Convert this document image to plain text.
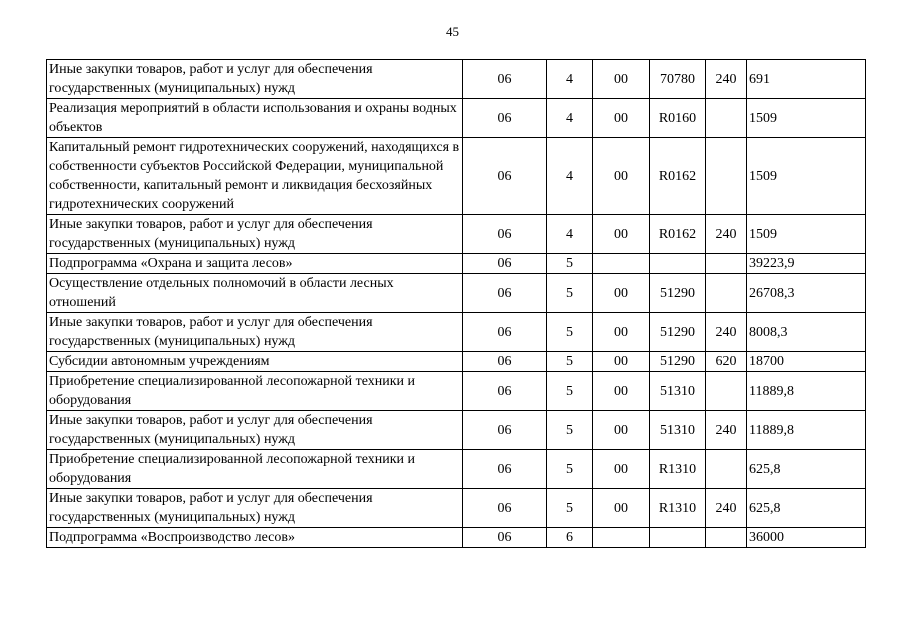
45
Иные закупки товаров, работ и услуг для обеспечения государственных (муниципальных) нужд	06	4	00	70780	240	691
Реализация мероприятий в области использования и охраны водных объектов	06	4	00	R0160		1509
Капитальный ремонт гидротехнических сооружений, находящихся в собственности субъектов Российской Федерации, муниципальной собственности, капитальный ремонт и ликвидация бесхозяйных гидротехнических сооружений	06	4	00	R0162		1509
Иные закупки товаров, работ и услуг для обеспечения государственных (муниципальных) нужд	06	4	00	R0162	240	1509
Подпрограмма «Охрана и защита лесов»	06	5				39223,9
Осуществление отдельных полномочий в области лесных отношений	06	5	00	51290		26708,3
Иные закупки товаров, работ и услуг для обеспечения государственных (муниципальных) нужд	06	5	00	51290	240	8008,3
Субсидии автономным учреждениям	06	5	00	51290	620	18700
Приобретение специализированной лесопожарной техники и оборудования	06	5	00	51310		11889,8
Иные закупки товаров, работ и услуг для обеспечения государственных (муниципальных) нужд	06	5	00	51310	240	11889,8
Приобретение специализированной лесопожарной техники и оборудования	06	5	00	R1310		625,8
Иные закупки товаров, работ и услуг для обеспечения государственных (муниципальных) нужд	06	5	00	R1310	240	625,8
Подпрограмма «Воспроизводство лесов»	06	6				36000
